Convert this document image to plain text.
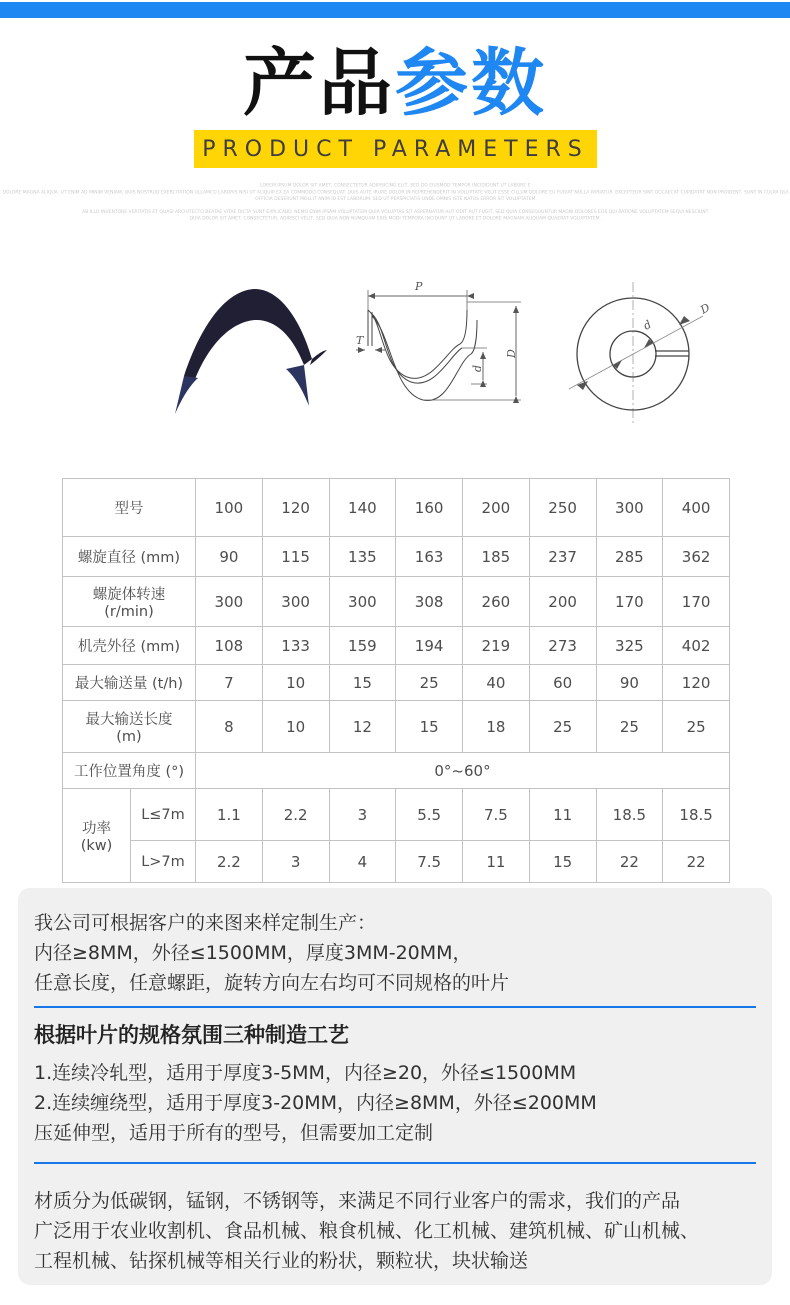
产品参数
PRODUCT PARAMETERS
LOREM IPSUM DOLOR SIT AMET, CONSECTETUR ADIPISICING ELIT, SED DO EIUSMOD TEMPOR INCIDIDUNT UT LABORE E
DOLORE MAGNA ALIQUA. UT ENIM AD MINIM VENIAM, QUIS NOSTRUD EXERCITATION ULLAMCO LABORIS NISI UT ALIQUIP EX EA COMMODO CONSEQUAT. DUIS AUTE IRURE DOLOR IN REPREHENDERIT IN VOLUPTATE VELIT ESSE CILLUM DOLORE EU FUGIAT NULLA PARIATUR. EXCEPTEUR SINT OCCAECAT CUPIDATAT NON PROIDENT, SUNT IN CULPA QUI
OFFICIA DESERUNT MOLLIT ANIM ID EST LABORUM. SED UT PERSPICIATIS UNDE OMNIS ISTE NATUS ERROR SIT VOLUPTATEM
AB ILLO INVENTORE VERITATIS ET QUASI ARCHITECTO BEATAE VITAE DICTA SUNT EXPLICABO. NEMO ENIM IPSAM VOLUPTATEM QUIA VOLUPTAS SIT ASPERNATUR AUT ODIT AUT FUGIT, SED QUIA CONSEQUUNTUR MAGNI DOLORES EOS QUI RATIONE VOLUPTATEM SEQUI NESCIUNT
QUIA DOLOR SIT AMET, CONSECTETUR, ADIPISCI VELIT, SED QUIA NON NUMQUAM EIUS MODI TEMPORA INCIDUNT UT LABORE ET DOLORE MAGNAM ALIQUAM QUAERAT VOLUPTATEM.
P
T
d
D
d
D
型号		100	120	140	160	200	250	300	400
螺旋直径 (mm)		90	115	135	163	185	237	285	362

螺旋体转速
(r/min)		300	300	300	308	260	200	170	170
机壳外径 (mm)		108	133	159	194	219	273	325	402
最大输送量 (t/h)		7	10	15	25	40	60	90	120

最大输送长度
(m)		8	10	12	15	18	25	25	25
工作位置角度 (°)		0°~60°							

功率
(kw)	L≤7m	1.1	2.2	3	5.5	7.5	11	18.5	18.5
	L>7m	2.2	3	4	7.5	11	15	22	22
我公司可根据客户的来图来样定制生产：
内径≥8MM，外径≤1500MM，厚度3MM-20MM，
任意长度，任意螺距，旋转方向左右均可不同规格的叶片
根据叶片的规格氛围三种制造工艺
1.连续冷轧型，适用于厚度3-5MM，内径≥20，外径≤1500MM
2.连续缠绕型，适用于厚度3-20MM，内径≥8MM，外径≤200MM
压延伸型，适用于所有的型号，但需要加工定制
材质分为低碳钢，锰钢，不锈钢等，来满足不同行业客户的需求，我们的产品
广泛用于农业收割机、食品机械、粮食机械、化工机械、建筑机械、矿山机械、
工程机械、钻探机械等相关行业的粉状，颗粒状，块状输送
